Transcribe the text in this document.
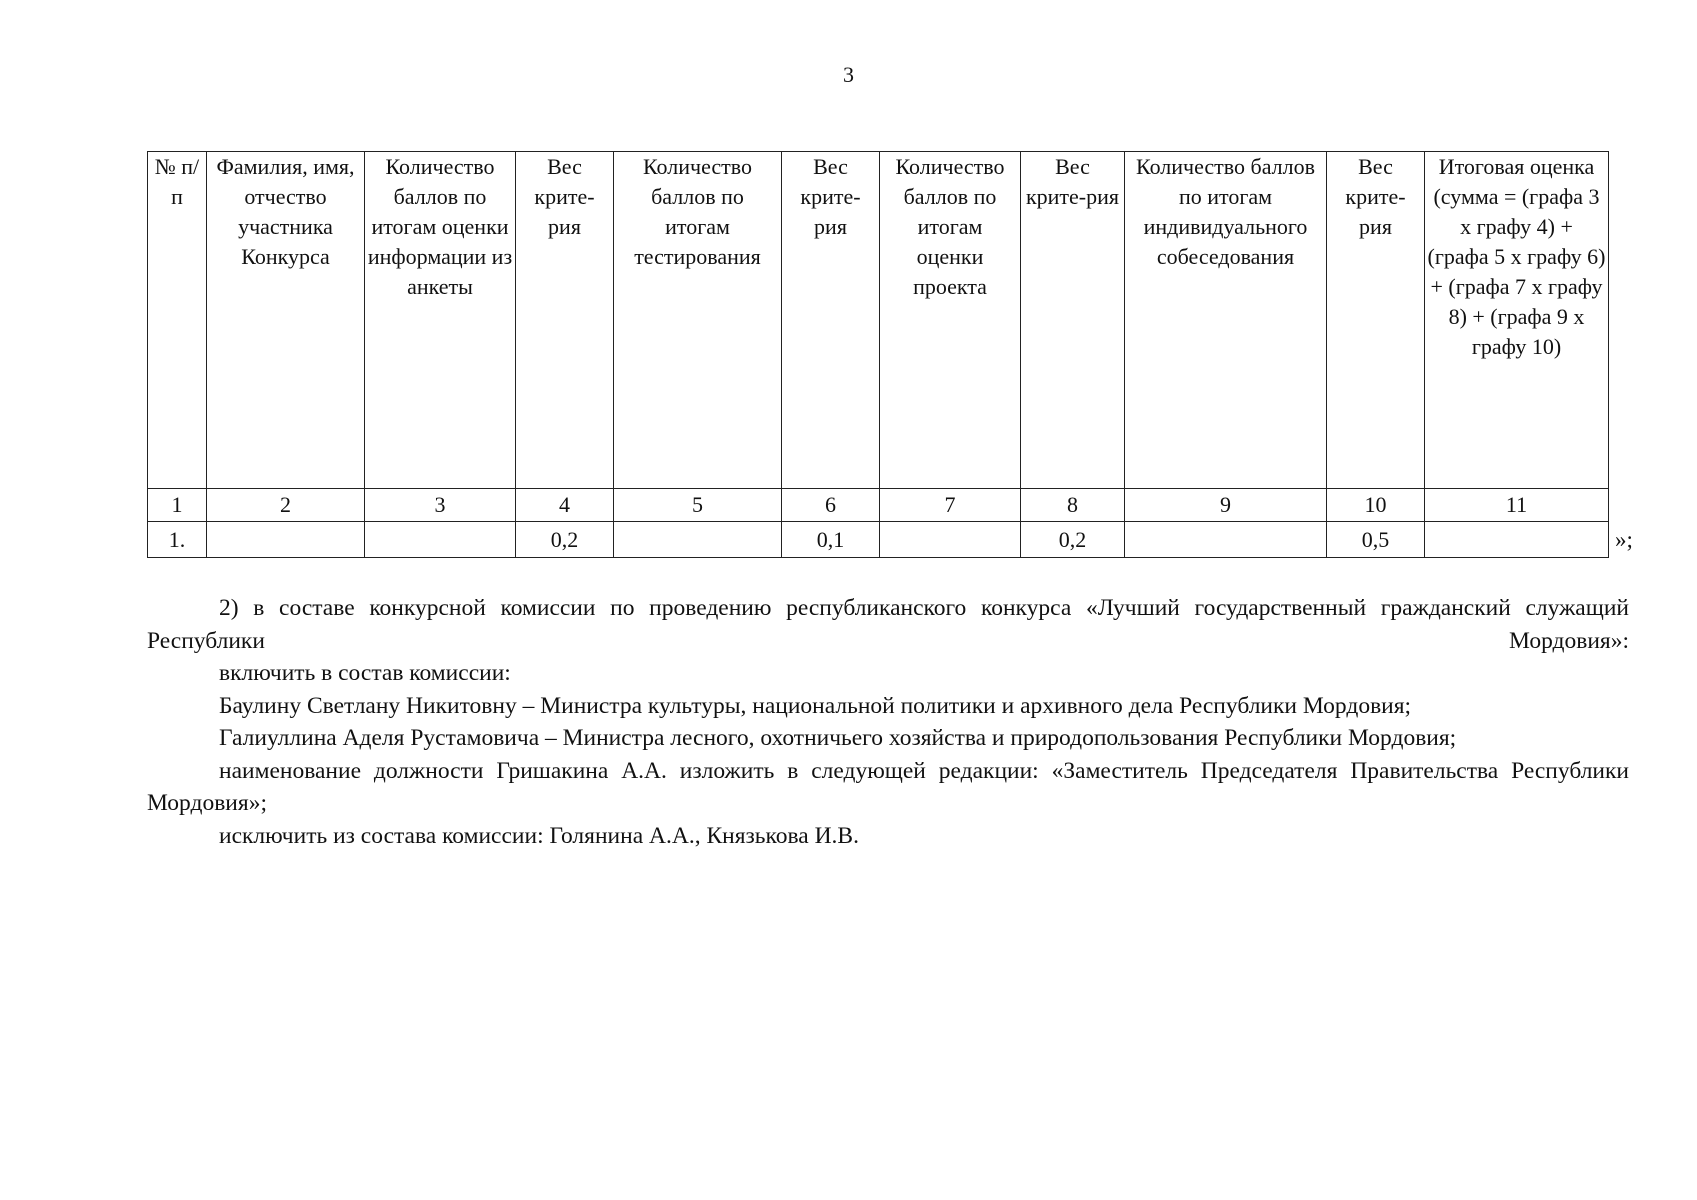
3
№ п/п	Фамилия, имя, отчество участника Конкурса	Количество баллов по итогам оценки информации из анкеты	Вес крите-рия	Количество баллов по итогам тестирования	Вес крите-рия	Количество баллов по итогам оценки проекта	Вес крите-рия	Количество баллов по итогам индивидуального собеседования	Вес крите-рия	Итоговая оценка (сумма = (графа 3 х графу 4) + (графа 5 х графу 6) + (графа 7 х графу 8) + (графа 9 х графу 10)
1	2	3	4	5	6	7	8	9	10	11
1.			0,2		0,1		0,2		0,5		»;

2) в составе конкурсной комиссии по проведению республиканского конкурса «Лучший государственный гражданский служащий Республики Мордовия»:

включить в состав комиссии:

Баулину Светлану Никитовну – Министра культуры, национальной политики и архивного дела Республики Мордовия;

Галиуллина Аделя Рустамовича – Министра лесного, охотничьего хозяйства и природопользования Республики Мордовия;

наименование должности Гришакина А.А. изложить в следующей редакции: «Заместитель Председателя Правительства Республики Мордовия»;

исключить из состава комиссии: Голянина А.А., Князькова И.В.
